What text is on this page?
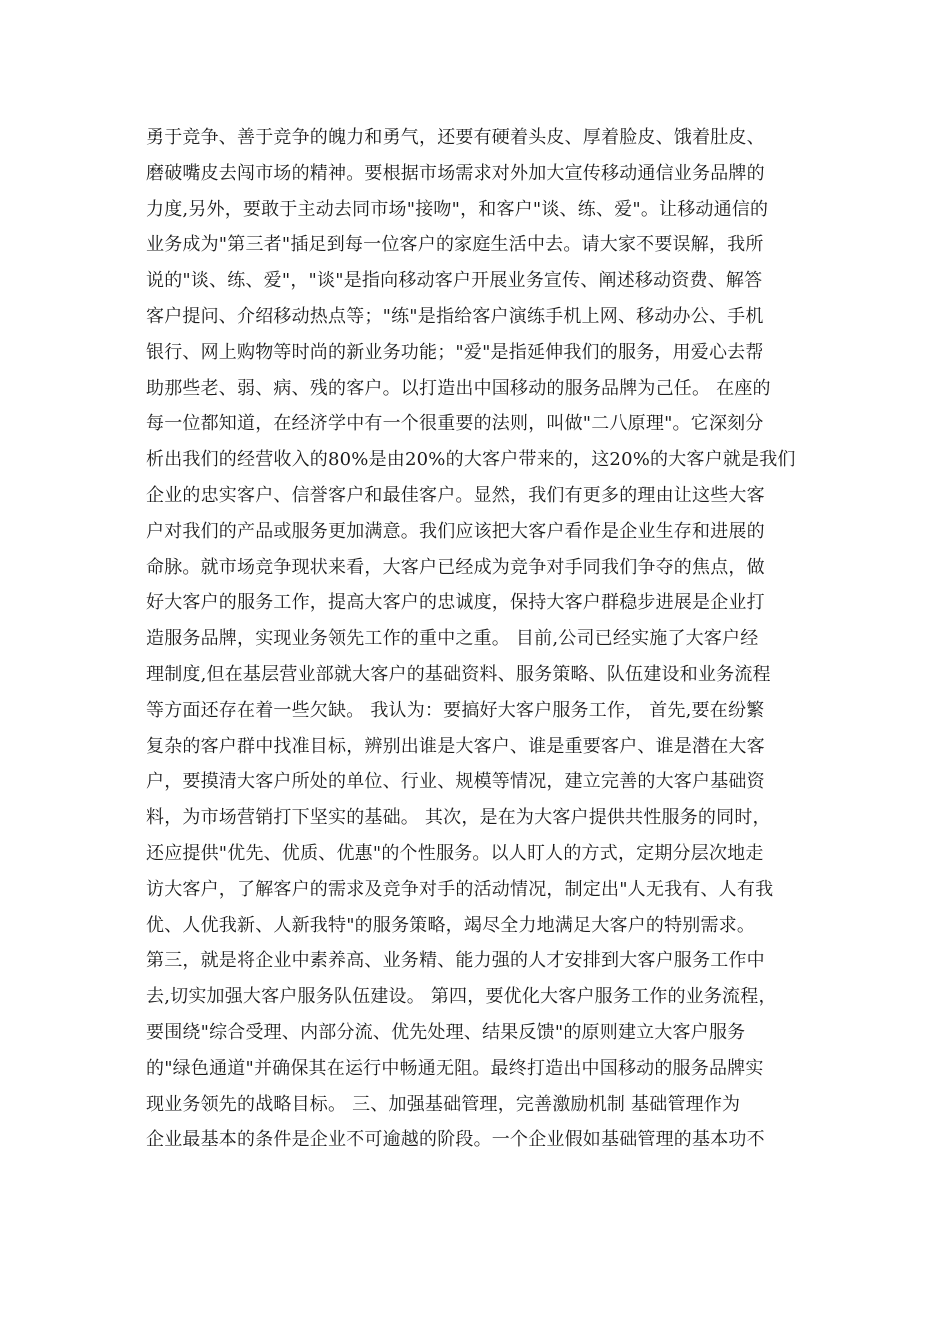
勇于竞争、善于竞争的魄力和勇气，还要有硬着头皮、厚着脸皮、饿着肚皮、
磨破嘴皮去闯市场的精神。要根据市场需求对外加大宣传移动通信业务品牌的
力度,另外，要敢于主动去同市场"接吻"，和客户"谈、练、爱"。让移动通信的
业务成为"第三者"插足到每一位客户的家庭生活中去。请大家不要误解，我所
说的"谈、练、爱"，"谈"是指向移动客户开展业务宣传、阐述移动资费、解答
客户提问、介绍移动热点等；"练"是指给客户演练手机上网、移动办公、手机
银行、网上购物等时尚的新业务功能；"爱"是指延伸我们的服务，用爱心去帮
助那些老、弱、病、残的客户。以打造出中国移动的服务品牌为己任。 在座的
每一位都知道，在经济学中有一个很重要的法则，叫做"二八原理"。它深刻分
析出我们的经营收入的80%是由20%的大客户带来的，这20%的大客户就是我们
企业的忠实客户、信誉客户和最佳客户。显然，我们有更多的理由让这些大客
户对我们的产品或服务更加满意。我们应该把大客户看作是企业生存和进展的
命脉。就市场竞争现状来看，大客户已经成为竞争对手同我们争夺的焦点，做
好大客户的服务工作，提高大客户的忠诚度，保持大客户群稳步进展是企业打
造服务品牌，实现业务领先工作的重中之重。 目前,公司已经实施了大客户经
理制度,但在基层营业部就大客户的基础资料、服务策略、队伍建设和业务流程
等方面还存在着一些欠缺。 我认为：要搞好大客户服务工作， 首先,要在纷繁
复杂的客户群中找准目标，辨别出谁是大客户、谁是重要客户、谁是潜在大客
户，要摸清大客户所处的单位、行业、规模等情况，建立完善的大客户基础资
料，为市场营销打下坚实的基础。 其次，是在为大客户提供共性服务的同时，
还应提供"优先、优质、优惠"的个性服务。以人盯人的方式，定期分层次地走
访大客户，了解客户的需求及竞争对手的活动情况，制定出"人无我有、人有我
优、人优我新、人新我特"的服务策略，竭尽全力地满足大客户的特别需求。
第三，就是将企业中素养高、业务精、能力强的人才安排到大客户服务工作中
去,切实加强大客户服务队伍建设。 第四，要优化大客户服务工作的业务流程，
要围绕"综合受理、内部分流、优先处理、结果反馈"的原则建立大客户服务
的"绿色通道"并确保其在运行中畅通无阻。最终打造出中国移动的服务品牌实
现业务领先的战略目标。 三、加强基础管理，完善激励机制 基础管理作为
企业最基本的条件是企业不可逾越的阶段。一个企业假如基础管理的基本功不
